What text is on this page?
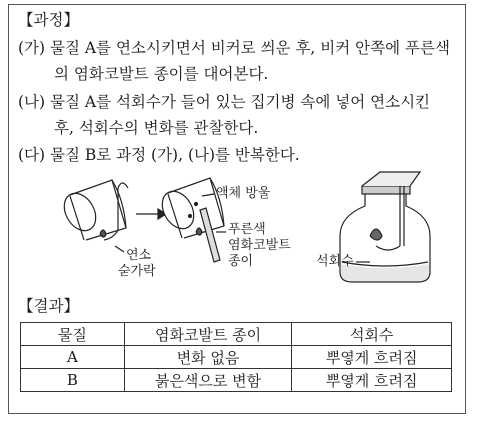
【과정】
(가) 물질 A를 연소시키면서 비커로 씌운 후, 비커 안쪽에 푸른색
의 염화코발트 종이를 대어본다.
(나) 물질 A를 석회수가 들어 있는 집기병 속에 넣어 연소시킨
후, 석회수의 변화를 관찰한다.
(다) 물질 B로 과정 (가), (나)를 반복한다.
액체 방울
푸른색
염화코발트
종이
연소
숟가락
석회수
【결과】
물질	염화코발트 종이	석회수
A	변화 없음	뿌옇게 흐려짐
B	붉은색으로 변함	뿌옇게 흐려짐
